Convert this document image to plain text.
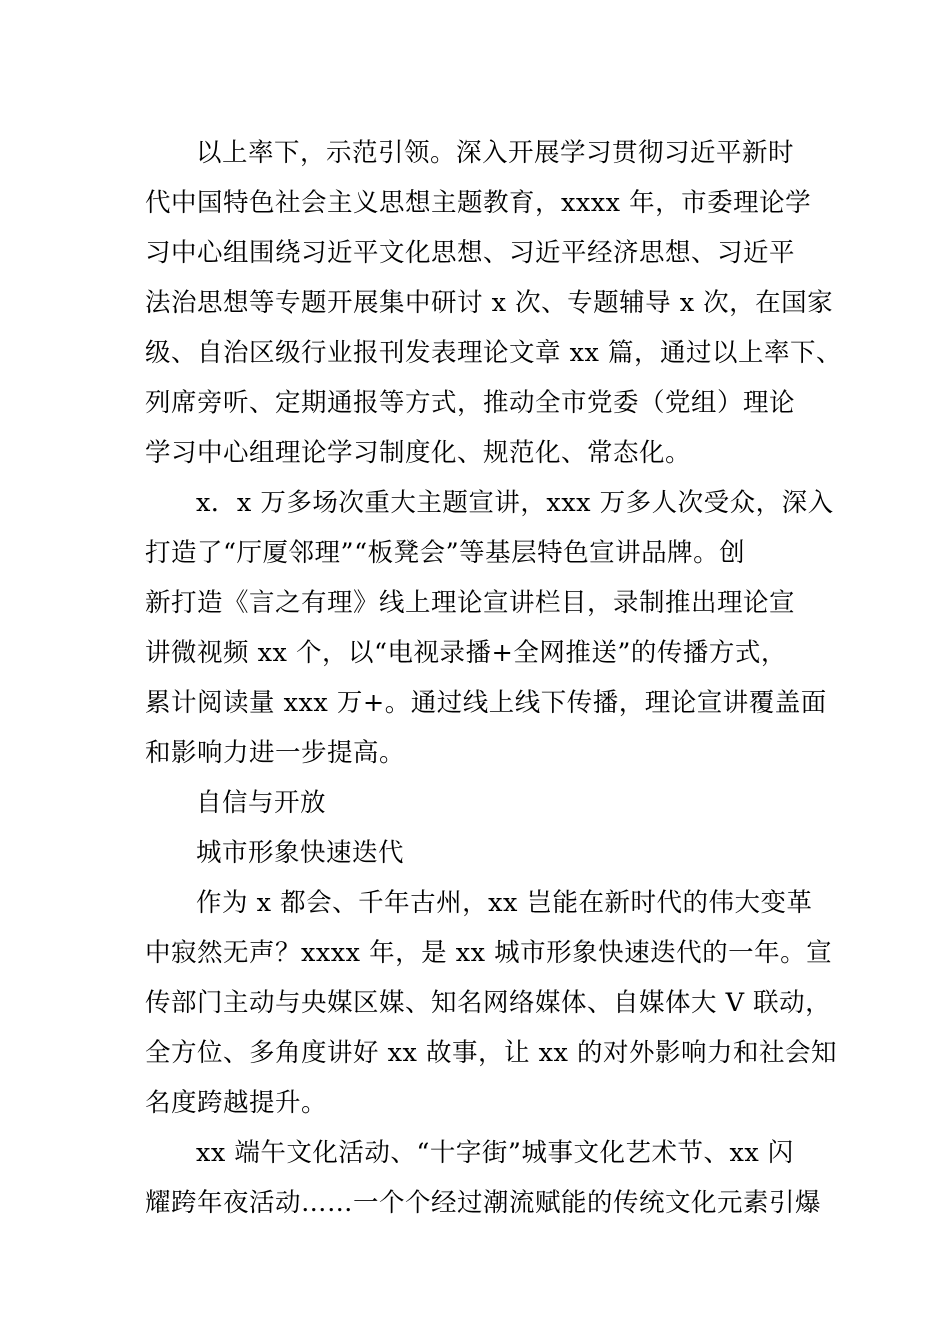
以上率下，示范引领。深入开展学习贯彻习近平新时
代中国特色社会主义思想主题教育，xxxx 年，市委理论学
习中心组围绕习近平文化思想、习近平经济思想、习近平
法治思想等专题开展集中研讨 x 次、专题辅导 x 次，在国家
级、自治区级行业报刊发表理论文章 xx 篇，通过以上率下、
列席旁听、定期通报等方式，推动全市党委（党组）理论
学习中心组理论学习制度化、规范化、常态化。
x．x 万多场次重大主题宣讲，xxx 万多人次受众，深入
打造了“厅厦邻理”“板凳会”等基层特色宣讲品牌。创
新打造《言之有理》线上理论宣讲栏目，录制推出理论宣
讲微视频 xx 个，以“电视录播+全网推送”的传播方式，
累计阅读量 xxx 万+。通过线上线下传播，理论宣讲覆盖面
和影响力进一步提高。
自信与开放
城市形象快速迭代
作为 x 都会、千年古州，xx 岂能在新时代的伟大变革
中寂然无声？xxxx 年，是 xx 城市形象快速迭代的一年。宣
传部门主动与央媒区媒、知名网络媒体、自媒体大 V 联动，
全方位、多角度讲好 xx 故事，让 xx 的对外影响力和社会知
名度跨越提升。
xx 端午文化活动、“十字街”城事文化艺术节、xx 闪
耀跨年夜活动……一个个经过潮流赋能的传统文化元素引爆
